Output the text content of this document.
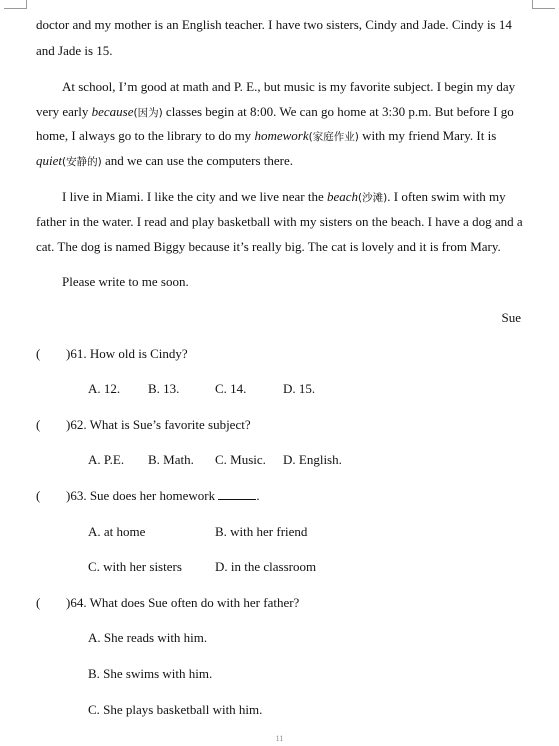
doctor and my mother is an English teacher. I have two sisters, Cindy and Jade. Cindy is 14
and Jade is 15.
At school, I’m good at math and P. E., but music is my favorite subject. I begin my day
very early because(因为) classes begin at 8:00. We can go home at 3:30 p.m. But before I go
home, I always go to the library to do my homework(家庭作业) with my friend Mary. It is
quiet(安静的) and we can use the computers there.
I live in Miami. I like the city and we live near the beach(沙滩). I often swim with my
father in the water. I read and play basketball with my sisters on the beach. I have a dog and a
cat. The dog is named Biggy because it’s really big. The cat is lovely and it is from Mary.
Please write to me soon.
Sue
( )61. How old is Cindy?
A. 12. B. 13.	C. 14.	D. 15.
( )62. What is Sue’s favorite subject?
A. P.E. B. Math. C. Music. D. English.
( )63. Sue does her homework	.
A. at home	B. with her friend
C. with her sisters	D. in the classroom
( )64. What does Sue often do with her father?
A. She reads with him.
B. She swims with him.
C. She plays basketball with him.
11
